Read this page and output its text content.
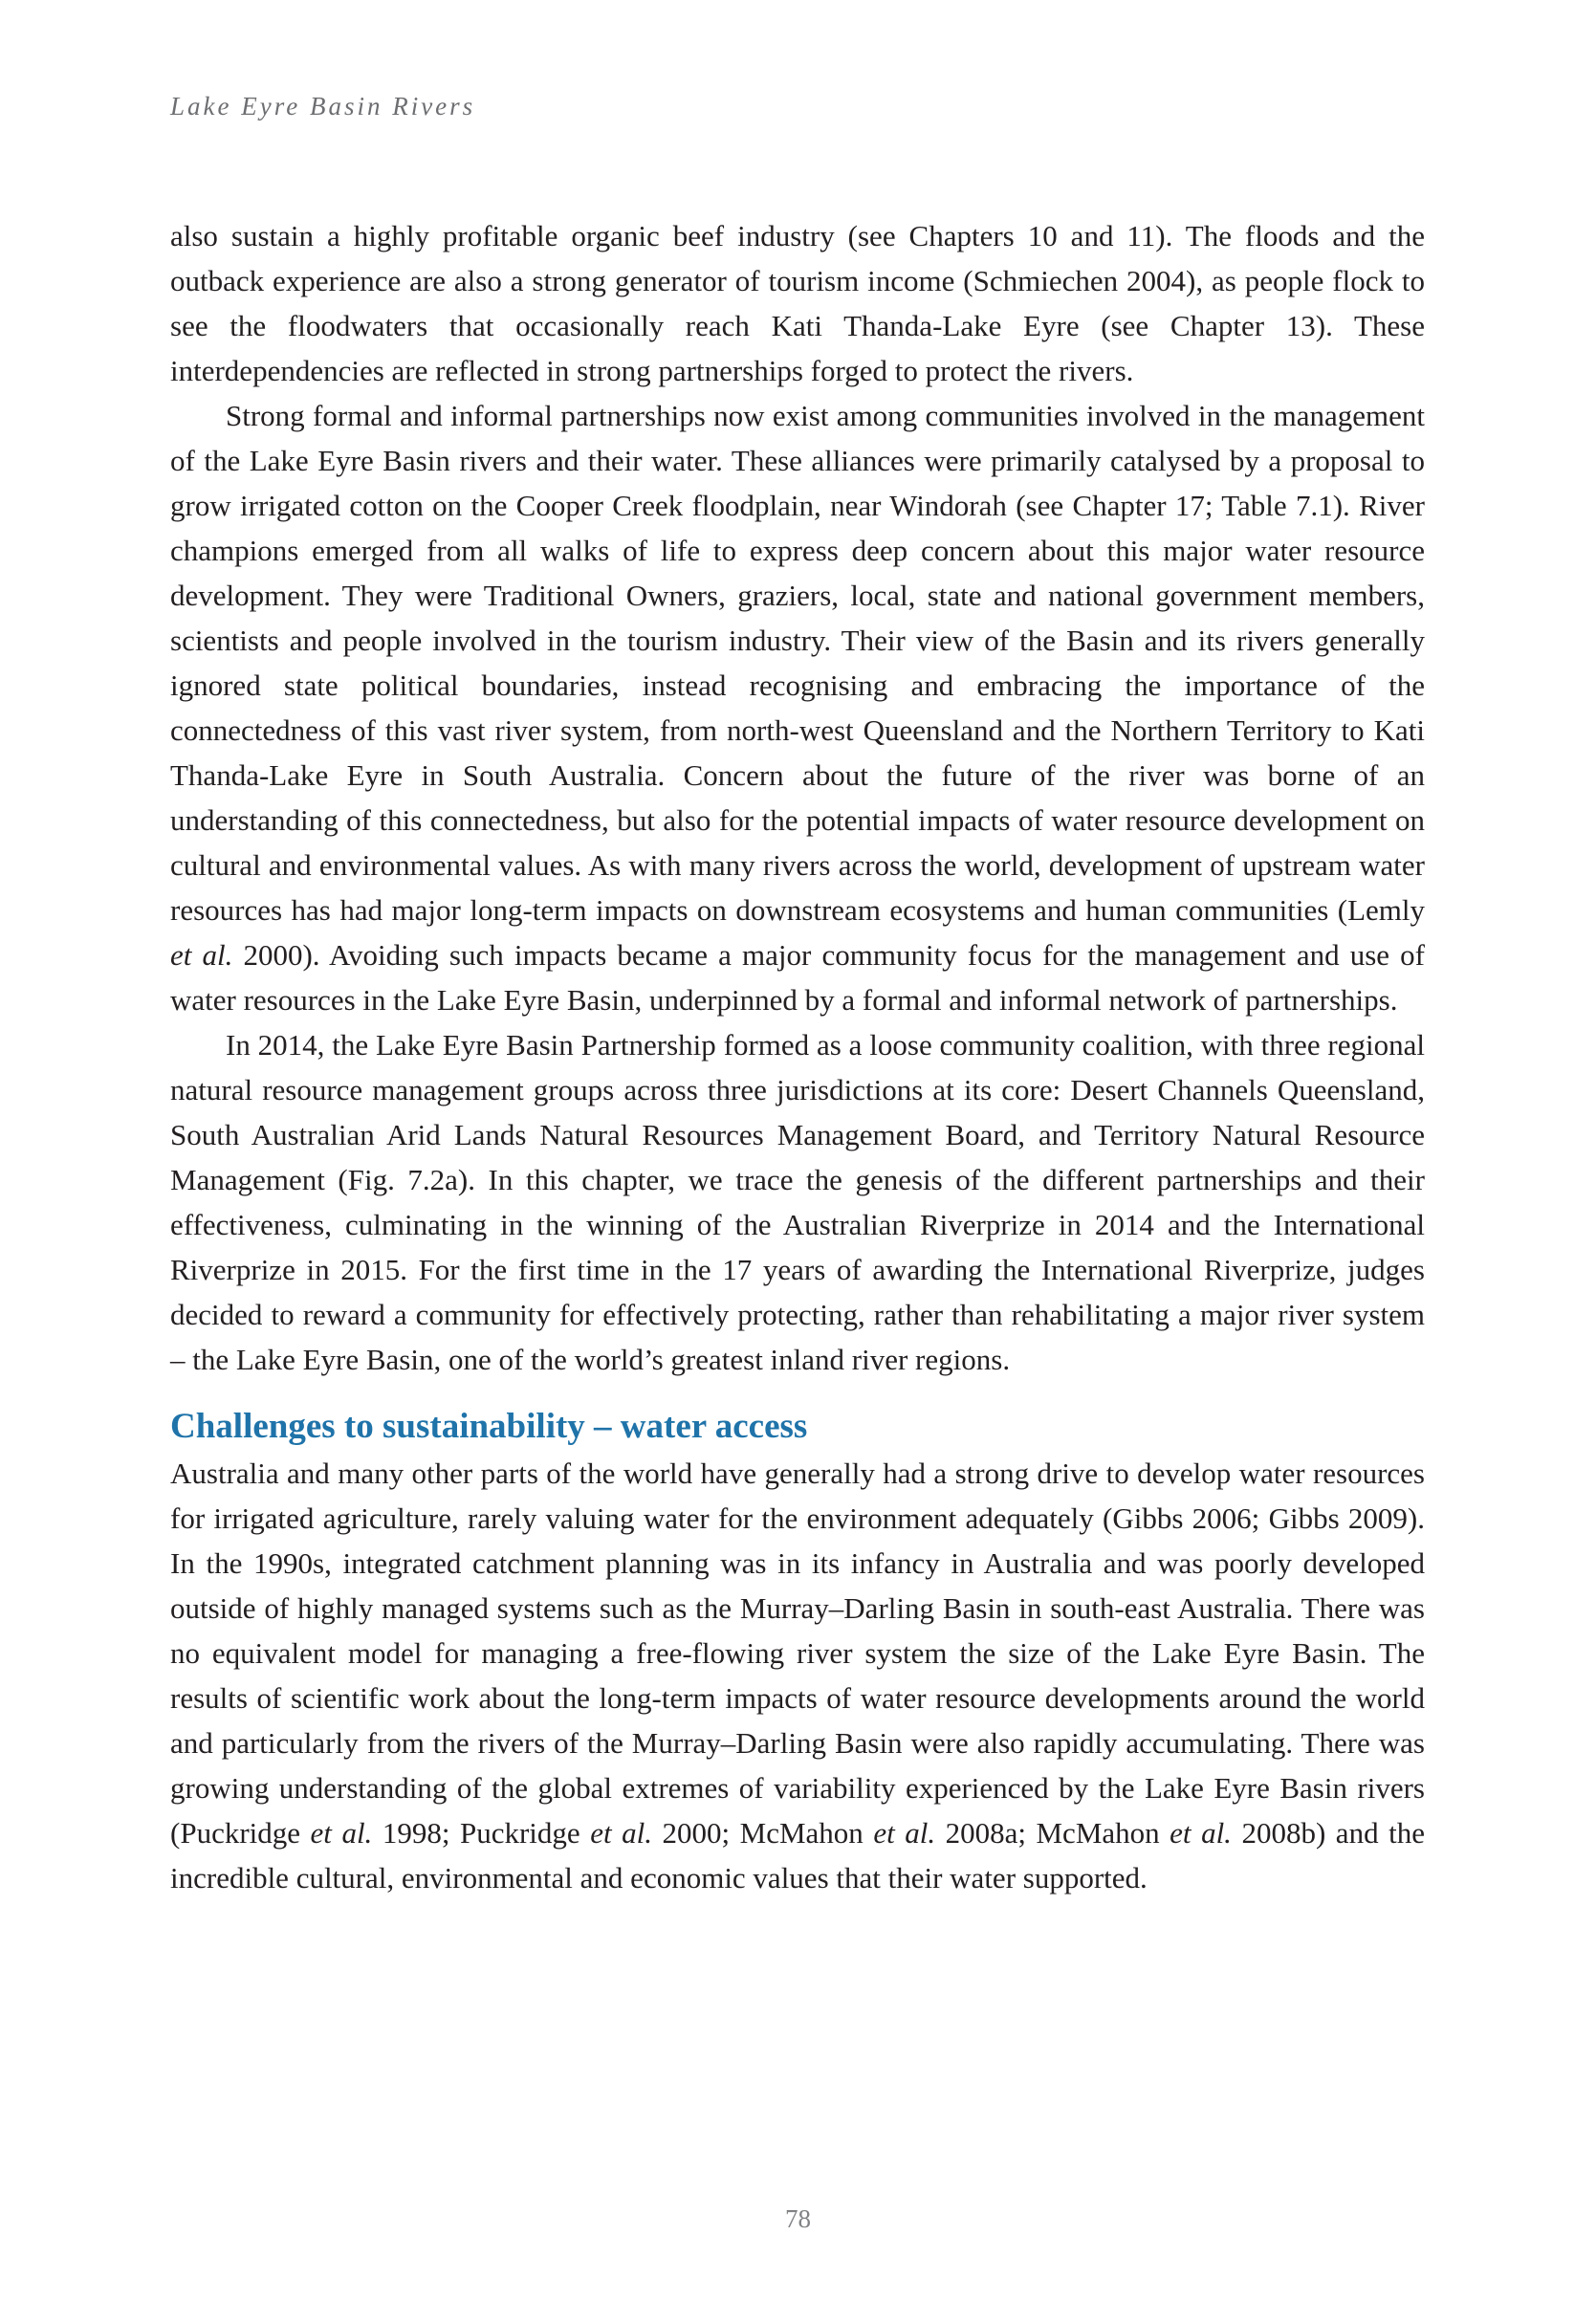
Lake Eyre Basin Rivers

also sustain a highly profitable organic beef industry (see Chapters 10 and 11). The floods and the outback experience are also a strong generator of tourism income (Schmiechen 2004), as people flock to see the floodwaters that occasionally reach Kati Thanda-Lake Eyre (see Chapter 13). These interdependencies are reflected in strong partnerships forged to protect the rivers.

Strong formal and informal partnerships now exist among communities involved in the management of the Lake Eyre Basin rivers and their water. These alliances were primarily catalysed by a proposal to grow irrigated cotton on the Cooper Creek floodplain, near Windorah (see Chapter 17; Table 7.1). River champions emerged from all walks of life to express deep concern about this major water resource development. They were Traditional Owners, graziers, local, state and national government members, scientists and people involved in the tourism industry. Their view of the Basin and its rivers generally ignored state political boundaries, instead recognising and embracing the importance of the connectedness of this vast river system, from north-west Queensland and the Northern Territory to Kati Thanda-Lake Eyre in South Australia. Concern about the future of the river was borne of an understanding of this connectedness, but also for the potential impacts of water resource development on cultural and environmental values. As with many rivers across the world, development of upstream water resources has had major long-term impacts on downstream ecosystems and human communities (Lemly et al. 2000). Avoiding such impacts became a major community focus for the management and use of water resources in the Lake Eyre Basin, underpinned by a formal and informal network of partnerships.

In 2014, the Lake Eyre Basin Partnership formed as a loose community coalition, with three regional natural resource management groups across three jurisdictions at its core: Desert Channels Queensland, South Australian Arid Lands Natural Resources Management Board, and Territory Natural Resource Management (Fig. 7.2a). In this chapter, we trace the genesis of the different partnerships and their effectiveness, culminating in the winning of the Australian Riverprize in 2014 and the International Riverprize in 2015. For the first time in the 17 years of awarding the International Riverprize, judges decided to reward a community for effectively protecting, rather than rehabilitating a major river system – the Lake Eyre Basin, one of the world’s greatest inland river regions.

Challenges to sustainability – water access

Australia and many other parts of the world have generally had a strong drive to develop water resources for irrigated agriculture, rarely valuing water for the environment adequately (Gibbs 2006; Gibbs 2009). In the 1990s, integrated catchment planning was in its infancy in Australia and was poorly developed outside of highly managed systems such as the Murray–Darling Basin in south-east Australia. There was no equivalent model for managing a free-flowing river system the size of the Lake Eyre Basin. The results of scientific work about the long-term impacts of water resource developments around the world and particularly from the rivers of the Murray–Darling Basin were also rapidly accumulating. There was growing understanding of the global extremes of variability experienced by the Lake Eyre Basin rivers (Puckridge et al. 1998; Puckridge et al. 2000; McMahon et al. 2008a; McMahon et al. 2008b) and the incredible cultural, environmental and economic values that their water supported.

78
